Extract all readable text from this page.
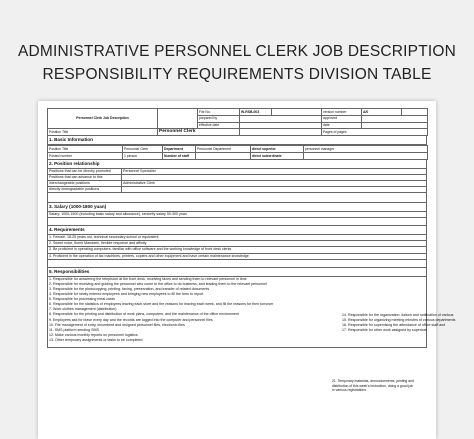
ADMINISTRATIVE PERSONNEL CLERK JOB DESCRIPTION
RESPONSIBILITY REQUIREMENTS DIVISION TABLE
Personnel Clerk Job Description		File No.	W-RSB-003		version number	A/0	
		prepared by			approved		
		effective date			date		
Position Title	Personnel Clerk				Pages of pages		
1. Basic Information
Position Title	Personnel Clerk	Department	Personnel Department	direct superior	personnel manager
Posted number	1 person	Number of staff		direct subordinate	
2. Position relationship
Positions that can be directly promoted	Personnel Specialist
Positions that can advance to this
interchangeable positions	Administrative Clerk
directly downgradable positions
3. Salary (1000-1800 yuan)
Salary: 1000-1500 (including basic salary and allowance), seniority salary 50-300 yuan
4. Requirements
1. Female, 18-25 years old, technical secondary school or equivalent
2. Sweet voice, fluent Mandarin, flexible response and affinity
3. Be proficient in operating computers, familiar with office software and the working knowledge of front desk clerks
4. Proficient in the operation of fax machines, printers, copiers and other equipment and have certain maintenance knowledge
5. Responsibilities
1. Responsible for answering the telephone at the front desk, receiving faxes and sending them to relevant personnel in time
2. Responsible for receiving and guiding the personnel who come to the office to do business, and leading them to the relevant personnel
3. Responsible for the photocopying, printing, faxing, preservation, and transfer of related documents
4. Responsible for newly entered employees and bringing new employees to fill the form to report
5. Responsible for processing meal cards
6. Responsible for the statistics of employees leaving each store and the reasons for leaving each week, and fill the reasons for their turnover
7. Work clothes management (distribution)
8. Responsible for the printing and distribution of work plans, computers, and the maintenance of the office environment
9. Employees ask for leave every day and the records are logged into the computer and personnel files
10. File management of entry, incumbent and resigned personnel files, electronic files
11. SMS platform sending SMS
12. Make various monthly reports on personnel logistics
13. Other temporary assignments or tasks to be completed
14. Responsible for the organization, liaison and notification of various
15. Responsible for organizing meeting minutes of various departments
16. Responsible for supervising the attendance of office staff and
17. Responsible for other work assigned by superiors
21. Temporary materials, announcements, printing and distribution of this week's instruction, doing a good job in various registrations
